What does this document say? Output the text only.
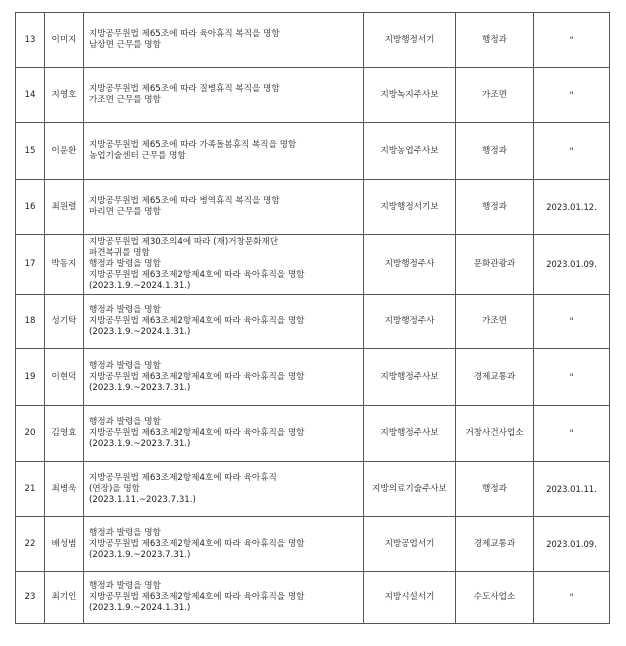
13	이미지	지방공무원법 제65조에 따라 육아휴직 복직을 명함
남상면 근무를 명함	지방행정서기	행정과	"
14	지영호	지방공무원법 제65조에 따라 질병휴직 복직을 명함
가조면 근무를 명함	지방녹지주사보	가조면	"
15	이운환	지방공무원법 제65조에 따라 가족돌봄휴직 복직을 명함
농업기술센터 근무를 명함	지방농업주사보	행정과	"
16	최원렬	지방공무원법 제65조에 따라 병역휴직 복직을 명함
마리면 근무를 명함	지방행정서기보	행정과	2023.01.12.
17	박동지	지방공무원법 제30조의4에 따라 (재)거창문화재단
파견복귀를 명함
행정과 발령을 명함
지방공무원법 제63조제2항제4호에 따라 육아휴직을 명함
(2023.1.9.~2024.1.31.)	지방행정주사	문화관광과	2023.01.09.
18	성기탁	행정과 발령을 명함
지방공무원법 제63조제2항제4호에 따라 육아휴직을 명함
(2023.1.9.~2024.1.31.)	지방행정주사	가조면	"
19	이현덕	행정과 발령을 명함
지방공무원법 제63조제2항제4호에 따라 육아휴직을 명함
(2023.1.9.~2023.7.31.)	지방행정주사보	경제교통과	"
20	김영효	행정과 발령을 명함
지방공무원법 제63조제2항제4호에 따라 육아휴직을 명함
(2023.1.9.~2023.7.31.)	지방행정주사보	거창사건사업소	"
21	최병욱	지방공무원법 제63조제2항제4호에 따라 육아휴직
(연장)을 명함
(2023.1.11.~2023.7.31.)	지방의료기술주사보	행정과	2023.01.11.
22	배성범	행정과 발령을 명함
지방공무원법 제63조제2항제4호에 따라 육아휴직을 명함
(2023.1.9.~2023.7.31.)	지방공업서기	경제교통과	2023.01.09.
23	최기인	행정과 발령을 명함
지방공무원법 제63조제2항제4호에 따라 육아휴직을 명함
(2023.1.9.~2024.1.31.)	지방시설서기	수도사업소	"
